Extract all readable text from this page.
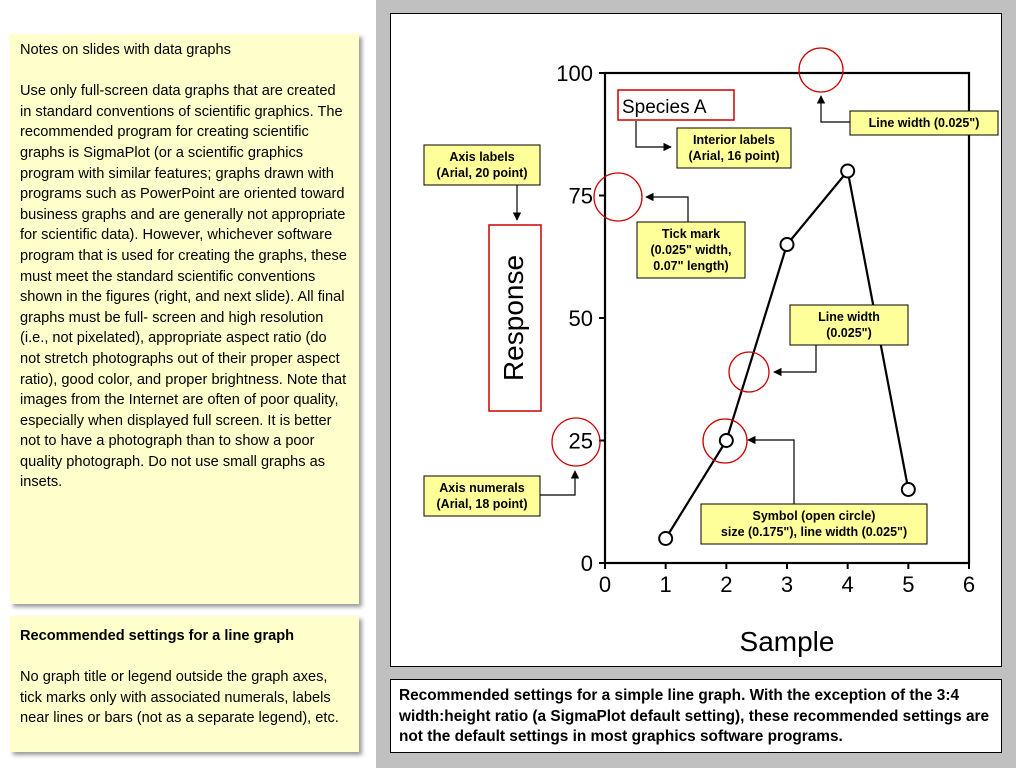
Notes on slides with data graphs

Use only full-screen data graphs that are created in standard conventions of scientific graphics. The recommended program for creating scientific graphs is SigmaPlot (or a scientific graphics program with similar features; graphs drawn with programs such as PowerPoint are oriented toward business graphs and are generally not appropriate for scientific data). However, whichever software program that is used for creating the graphs, these must meet the standard scientific conventions shown in the figures (right, and next slide). All final graphs must be full- screen and high resolution (i.e., not pixelated), appropriate aspect ratio (do not stretch photographs out of their proper aspect ratio), good color, and proper brightness. Note that images from the Internet are often of poor quality, especially when displayed full screen. It is better not to have a photograph than to show a poor quality photograph. Do not use small graphs as insets.

Recommended settings for a line graph

No graph title or legend outside the graph axes, tick marks only with associated numerals, labels near lines or bars (not as a separate legend), etc.

0 1 2 3 4 5 6
0
25
50
75
100
Sample
Response
Species A
Line width (0.025")
Interior labels
(Arial, 16 point)
Axis labels
(Arial, 20 point)
Tick mark
(0.025" width,
0.07" length)
Line width
(0.025")
Axis numerals
(Arial, 18 point)
Symbol (open circle)
size (0.175"), line width (0.025")
Recommended settings for a simple line graph. With the exception of the 3:4 width:height ratio (a SigmaPlot default setting), these recommended settings are not the default settings in most graphics software programs.
